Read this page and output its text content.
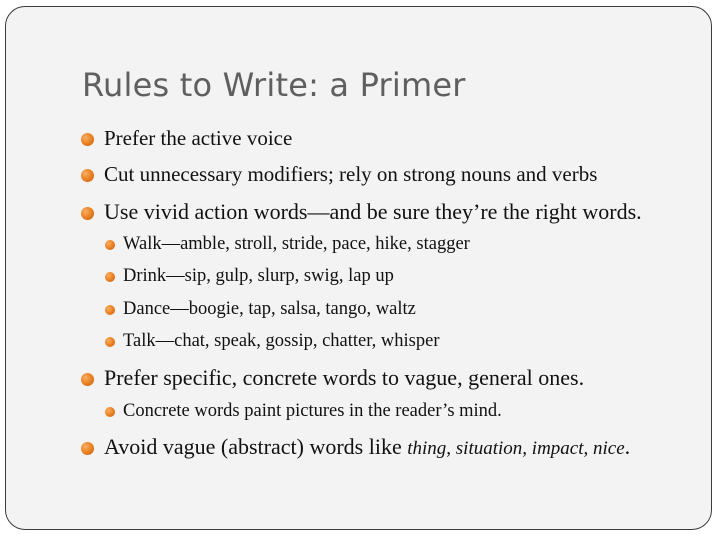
Rules to Write: a Primer
Prefer the active voice
Cut unnecessary modifiers; rely on strong nouns and verbs
Use vivid action words—and be sure they’re the right words.
Walk—amble, stroll, stride, pace, hike, stagger
Drink—sip, gulp, slurp, swig, lap up
Dance—boogie, tap, salsa, tango, waltz
Talk—chat, speak, gossip, chatter, whisper
Prefer specific, concrete words to vague, general ones.
Concrete words paint pictures in the reader’s mind.
Avoid vague (abstract) words like thing, situation, impact, nice.
